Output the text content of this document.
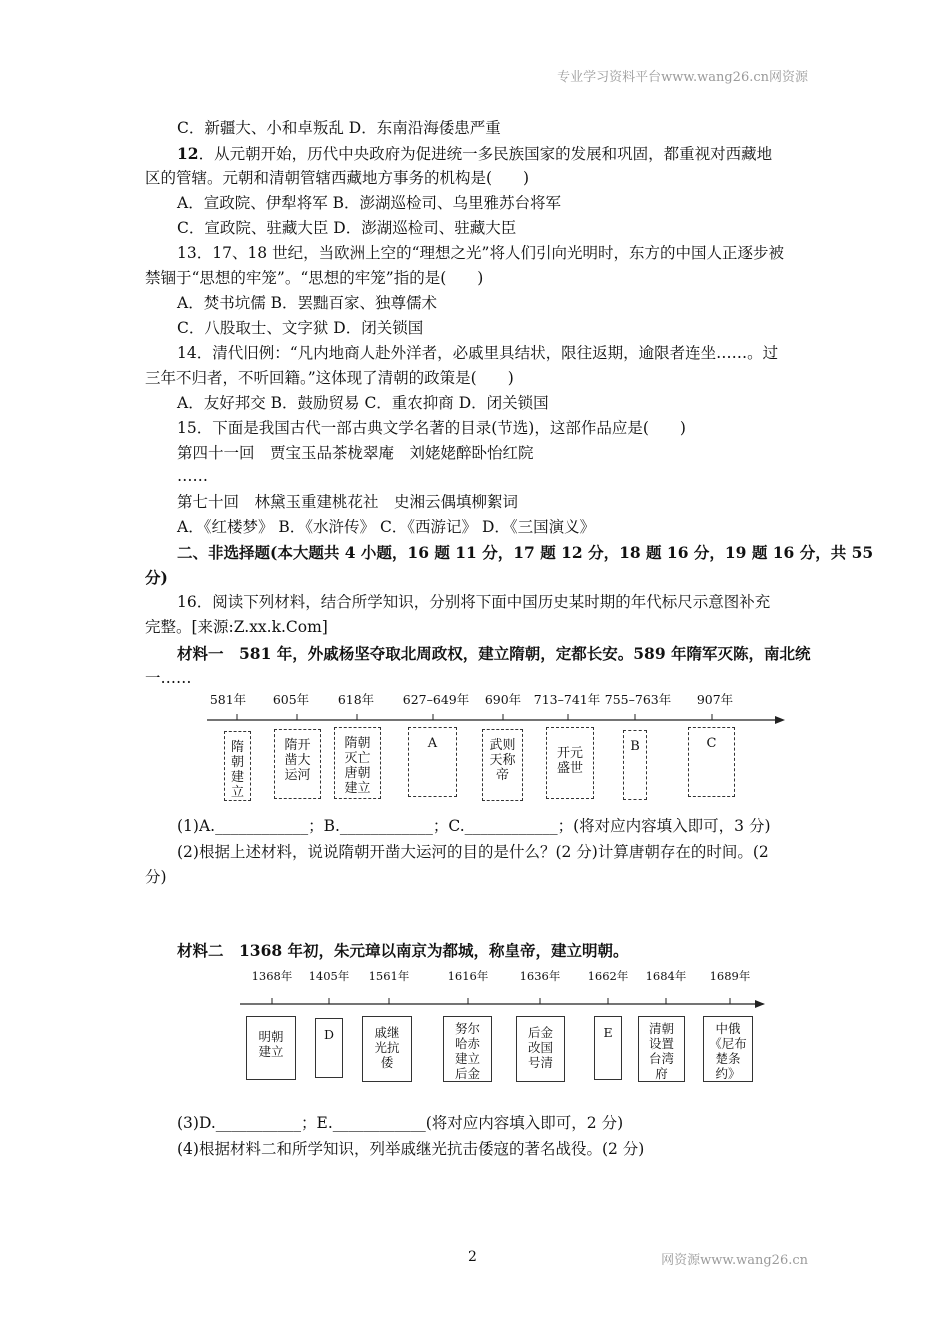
专业学习资料平台www.wang26.cn网资源
C．新疆大、小和卓叛乱 D．东南沿海倭患严重
12．从元朝开始，历代中央政府为促进统一多民族国家的发展和巩固，都重视对西藏地
区的管辖。元朝和清朝管辖西藏地方事务的机构是(　　)
A．宣政院、伊犁将军 B．澎湖巡检司、乌里雅苏台将军
C．宣政院、驻藏大臣 D．澎湖巡检司、驻藏大臣
13．17、18 世纪，当欧洲上空的“理想之光”将人们引向光明时，东方的中国人正逐步被
禁锢于“思想的牢笼”。“思想的牢笼”指的是(　　)
A．焚书坑儒 B．罢黜百家、独尊儒术
C．八股取士、文字狱 D．闭关锁国
14．清代旧例：“凡内地商人赴外洋者，必戚里具结状，限往返期，逾限者连坐……。过
三年不归者，不听回籍。”这体现了清朝的政策是(　　)
A．友好邦交 B．鼓励贸易 C．重农抑商 D．闭关锁国
15．下面是我国古代一部古典文学名著的目录(节选)，这部作品应是(　　)
第四十一回　贾宝玉品茶栊翠庵　刘姥姥醉卧怡红院
……
第七十回　林黛玉重建桃花社　史湘云偶填柳絮词
A．《红楼梦》 B．《水浒传》 C．《西游记》 D．《三国演义》
二、非选择题(本大题共 4 小题，16 题 11 分，17 题 12 分，18 题 16 分，19 题 16 分，共 55
分)
16．阅读下列材料，结合所学知识，分别将下面中国历史某时期的年代标尺示意图补充
完整。[来源:Z.xx.k.Com]
材料一　581 年，外戚杨坚夺取北周政权，建立隋朝，定都长安。589 年隋军灭陈，南北统
一……
581年 605年 618年 627–649年 690年 713–741年 755–763年 907年
隋朝建立
隋开凿大运河
隋朝灭亡唐朝建立
A	武则天称帝
开元盛世
B	C
(1)A.____________；B.____________；C.____________；(将对应内容填入即可，3 分)
(2)根据上述材料，说说隋朝开凿大运河的目的是什么？(2 分)计算唐朝存在的时间。(2
分)
材料二　1368 年初，朱元璋以南京为都城，称皇帝，建立明朝。
1368年 1405年 1561年	1616年	1636年 1662年 1684年 1689年
明朝建立
D	戚继光抗倭
努尔哈赤建立后金
后金改国号清
E	清朝设置台湾府
中俄《尼布楚条约》
(3)D.___________；E.____________(将对应内容填入即可，2 分)
(4)根据材料二和所学知识，列举戚继光抗击倭寇的著名战役。(2 分)
2	网资源www.wang26.cn
